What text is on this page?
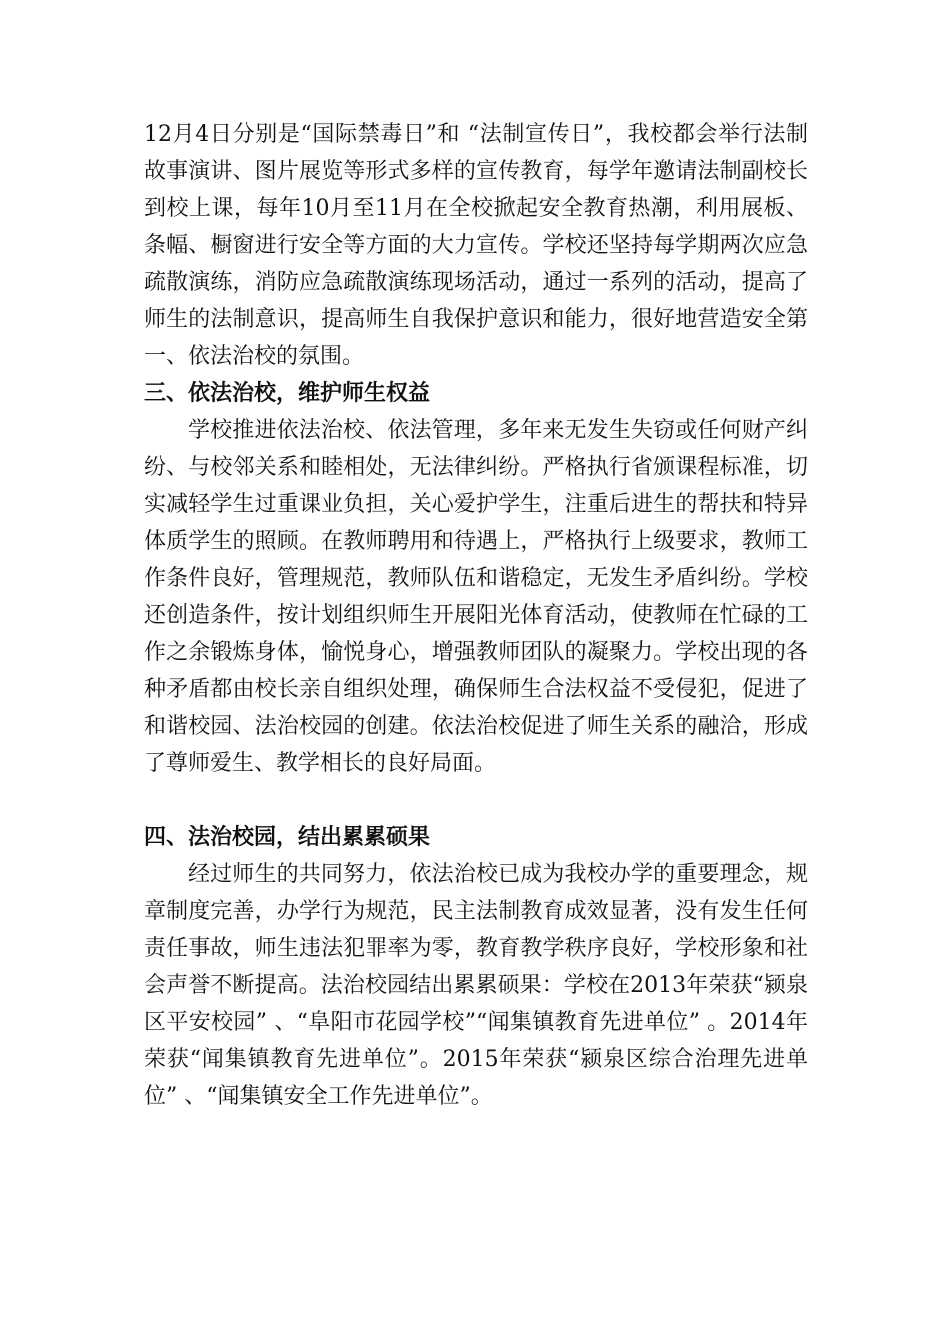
12月4日分别是“国际禁毒日”和 “法制宣传日”，我校都会举行法制故事演讲、图片展览等形式多样的宣传教育，每学年邀请法制副校长到校上课，每年10月至11月在全校掀起安全教育热潮，利用展板、条幅、橱窗进行安全等方面的大力宣传。学校还坚持每学期两次应急疏散演练，消防应急疏散演练现场活动，通过一系列的活动，提高了师生的法制意识，提高师生自我保护意识和能力，很好地营造安全第一、依法治校的氛围。

三、依法治校，维护师生权益

学校推进依法治校、依法管理，多年来无发生失窃或任何财产纠纷、与校邻关系和睦相处，无法律纠纷。严格执行省颁课程标准，切实减轻学生过重课业负担，关心爱护学生，注重后进生的帮扶和特异体质学生的照顾。在教师聘用和待遇上，严格执行上级要求，教师工作条件良好，管理规范，教师队伍和谐稳定，无发生矛盾纠纷。学校还创造条件，按计划组织师生开展阳光体育活动，使教师在忙碌的工作之余锻炼身体，愉悦身心，增强教师团队的凝聚力。学校出现的各种矛盾都由校长亲自组织处理，确保师生合法权益不受侵犯，促进了和谐校园、法治校园的创建。依法治校促进了师生关系的融洽，形成了尊师爱生、教学相长的良好局面。

四、法治校园，结出累累硕果

经过师生的共同努力，依法治校已成为我校办学的重要理念，规章制度完善，办学行为规范，民主法制教育成效显著，没有发生任何责任事故，师生违法犯罪率为零，教育教学秩序良好，学校形象和社会声誉不断提高。法治校园结出累累硕果：学校在2013年荣获“颍泉区平安校园” 、“阜阳市花园学校”“闻集镇教育先进单位” 。2014年荣获“闻集镇教育先进单位”。2015年荣获“颍泉区综合治理先进单位” 、“闻集镇安全工作先进单位”。
